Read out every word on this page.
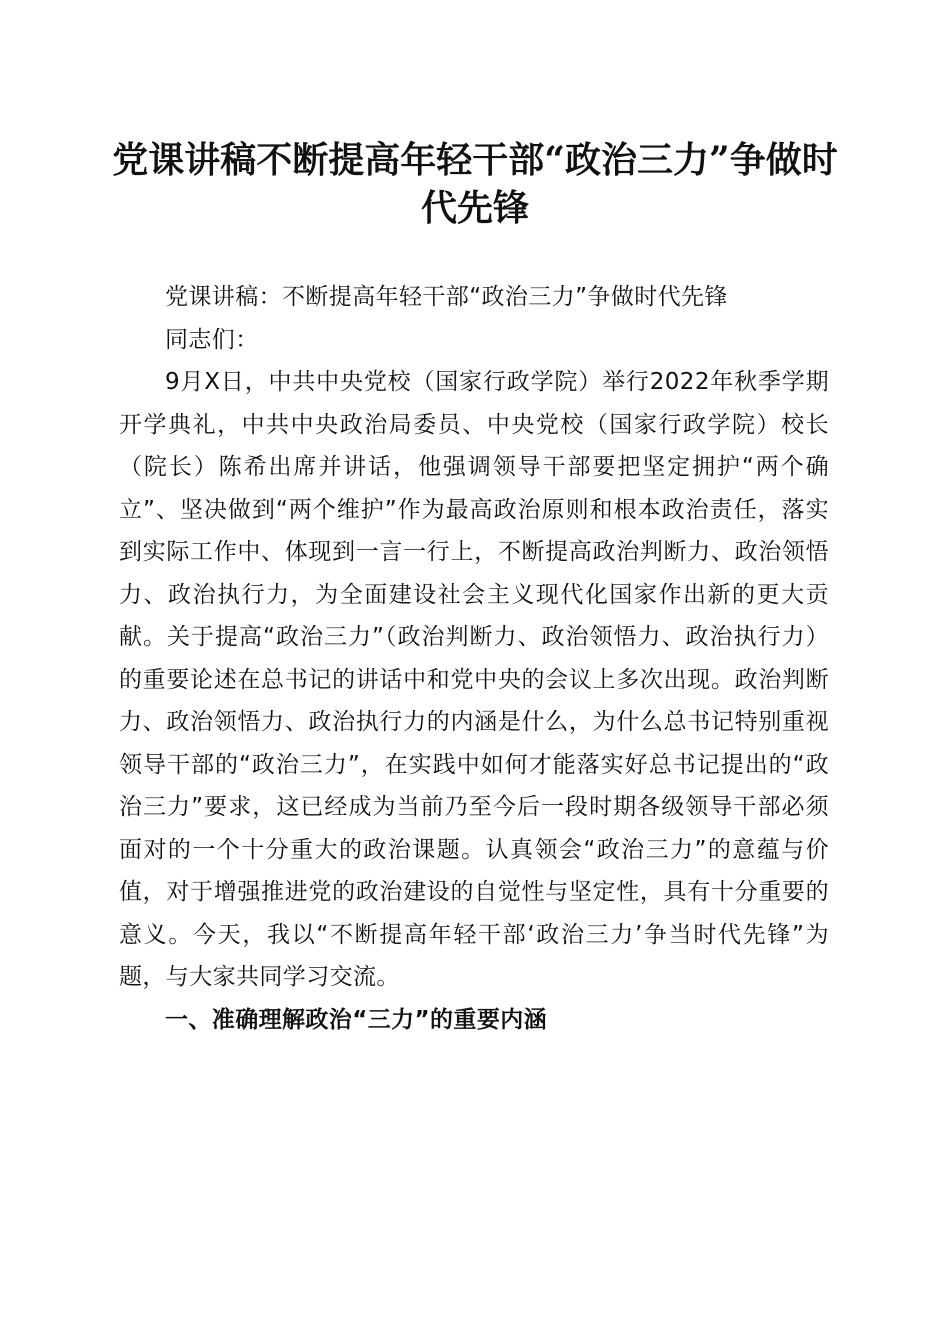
党课讲稿不断提高年轻干部“政治三力”争做时代先锋

党课讲稿：不断提高年轻干部“政治三力”争做时代先锋

同志们：

9月X日，中共中央党校（国家行政学院）举行2022年秋季学期开学典礼，中共中央政治局委员、中央党校（国家行政学院）校长（院长）陈希出席并讲话，他强调领导干部要把坚定拥护“两个确立”、坚决做到“两个维护”作为最高政治原则和根本政治责任，落实到实际工作中、体现到一言一行上，不断提高政治判断力、政治领悟力、政治执行力，为全面建设社会主义现代化国家作出新的更大贡献。关于提高“政治三力”（政治判断力、政治领悟力、政治执行力）的重要论述在总书记的讲话中和党中央的会议上多次出现。政治判断力、政治领悟力、政治执行力的内涵是什么，为什么总书记特别重视领导干部的“政治三力”，在实践中如何才能落实好总书记提出的“政治三力”要求，这已经成为当前乃至今后一段时期各级领导干部必须面对的一个十分重大的政治课题。认真领会“政治三力”的意蕴与价值，对于增强推进党的政治建设的自觉性与坚定性，具有十分重要的意义。今天，我以“不断提高年轻干部‘政治三力’争当时代先锋”为题，与大家共同学习交流。

一、准确理解政治“三力”的重要内涵
